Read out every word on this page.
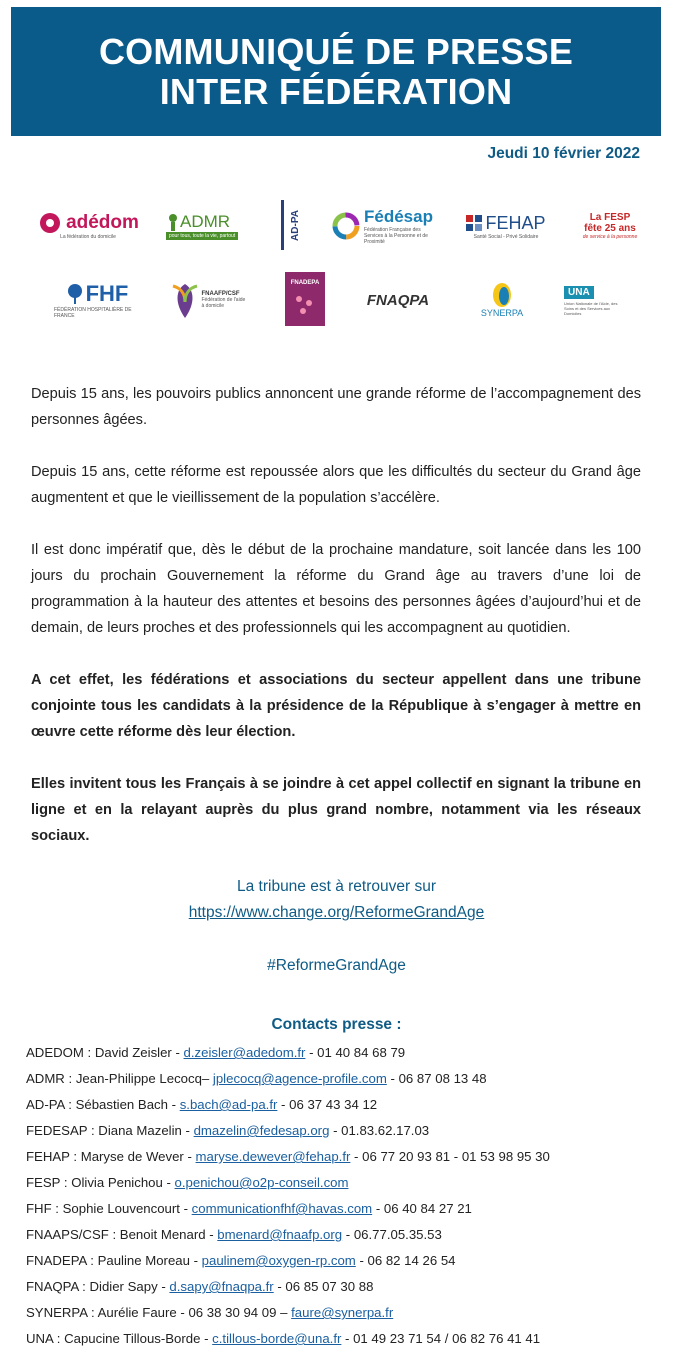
COMMUNIQUÉ DE PRESSE
INTER FÉDÉRATION
Jeudi 10 février 2022
adédom
La fédération du domicile
ADMR
pour tous, toute la vie, partout	AD-PA	Fédésap
Fédération Française des Services à la Personne et de Proximité
FEHAP
Santé Social - Privé Solidaire
La FESP fête 25 ans
de service à la personne
FHF
FÉDÉRATION HOSPITALIÈRE DE FRANCE
FNAAFP/CSF
Fédération de l'aide à domicile
FNADEPA
FNAQPA
SYNERPA
UNA
Union Nationale de l'Aide, des Soins et des Services aux Domiciles
Depuis 15 ans, les pouvoirs publics annoncent une grande réforme de l’accompagnement des personnes âgées.
Depuis 15 ans, cette réforme est repoussée alors que les difficultés du secteur du Grand âge augmentent et que le vieillissement de la population s’accélère.
Il est donc impératif que, dès le début de la prochaine mandature, soit lancée dans les 100 jours du prochain Gouvernement la réforme du Grand âge au travers d’une loi de programmation à la hauteur des attentes et besoins des personnes âgées d’aujourd’hui et de demain, de leurs proches et des professionnels qui les accompagnent au quotidien.
A cet effet, les fédérations et associations du secteur appellent dans une tribune conjointe tous les candidats à la présidence de la République à s’engager à mettre en œuvre cette réforme dès leur élection.
Elles invitent tous les Français à se joindre à cet appel collectif en signant la tribune en ligne et en la relayant auprès du plus grand nombre, notamment via les réseaux sociaux.
La tribune est à retrouver sur
https://www.change.org/ReformeGrandAge
#ReformeGrandAge
Contacts presse :
ADEDOM : David Zeisler - d.zeisler@adedom.fr - 01 40 84 68 79
ADMR : Jean-Philippe Lecocq– jplecocq@agence-profile.com - 06 87 08 13 48
AD-PA : Sébastien Bach - s.bach@ad-pa.fr - 06 37 43 34 12
FEDESAP : Diana Mazelin - dmazelin@fedesap.org - 01.83.62.17.03
FEHAP : Maryse de Wever - maryse.dewever@fehap.fr - 06 77 20 93 81 - 01 53 98 95 30
FESP : Olivia Penichou - o.penichou@o2p-conseil.com
FHF : Sophie Louvencourt - communicationfhf@havas.com - 06 40 84 27 21
FNAAPS/CSF : Benoit Menard - bmenard@fnaafp.org - 06.77.05.35.53
FNADEPA : Pauline Moreau - paulinem@oxygen-rp.com - 06 82 14 26 54
FNAQPA : Didier Sapy - d.sapy@fnaqpa.fr - 06 85 07 30 88
SYNERPA : Aurélie Faure - 06 38 30 94 09 – faure@synerpa.fr
UNA : Capucine Tillous-Borde - c.tillous-borde@una.fr - 01 49 23 71 54 / 06 82 76 41 41
